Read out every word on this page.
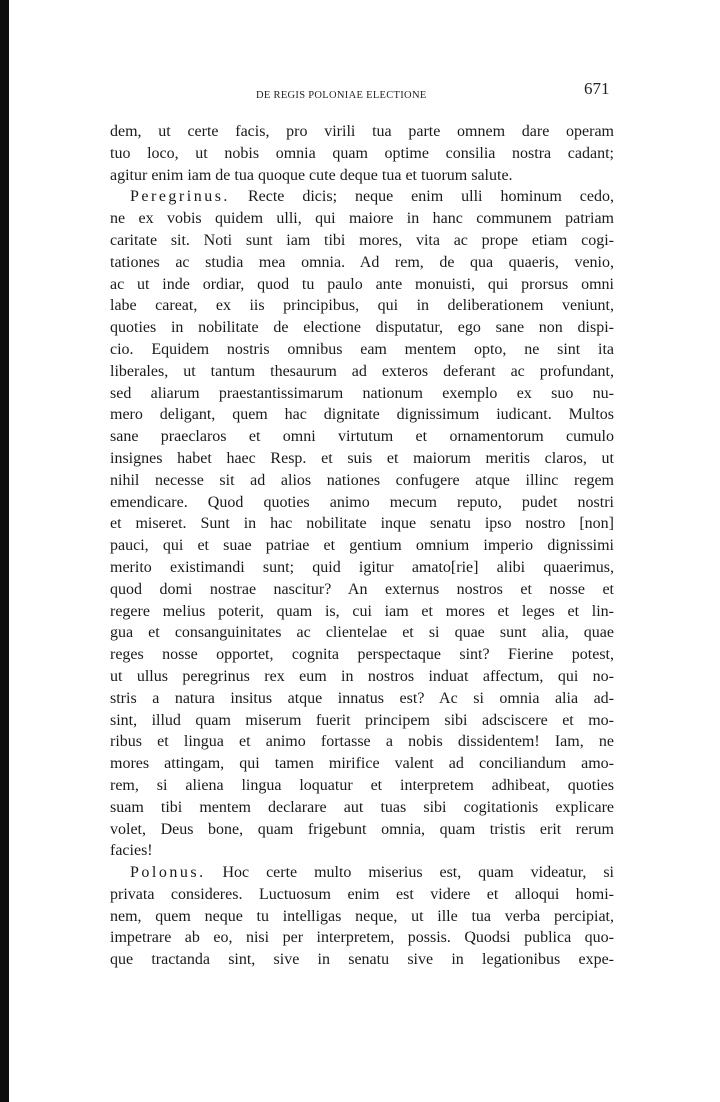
DE REGIS POLONIAE ELECTIONE	671
dem, ut certe facis, pro virili tua parte omnem dare operam
tuo loco, ut nobis omnia quam optime consilia nostra cadant;
agitur enim iam de tua quoque cute deque tua et tuorum salute.
Peregrinus. Recte dicis; neque enim ulli hominum cedo,
ne ex vobis quidem ulli, qui maiore in hanc communem patriam
caritate sit. Noti sunt iam tibi mores, vita ac prope etiam cogi-
tationes ac studia mea omnia. Ad rem, de qua quaeris, venio,
ac ut inde ordiar, quod tu paulo ante monuisti, qui prorsus omni
labe careat, ex iis principibus, qui in deliberationem veniunt,
quoties in nobilitate de electione disputatur, ego sane non dispi-
cio. Equidem nostris omnibus eam mentem opto, ne sint ita
liberales, ut tantum thesaurum ad exteros deferant ac profundant,
sed aliarum praestantissimarum nationum exemplo ex suo nu-
mero deligant, quem hac dignitate dignissimum iudicant. Multos
sane praeclaros et omni virtutum et ornamentorum cumulo
insignes habet haec Resp. et suis et maiorum meritis claros, ut
nihil necesse sit ad alios nationes confugere atque illinc regem
emendicare. Quod quoties animo mecum reputo, pudet nostri
et miseret. Sunt in hac nobilitate inque senatu ipso nostro [non]
pauci, qui et suae patriae et gentium omnium imperio dignissimi
merito existimandi sunt; quid igitur amato[rie] alibi quaerimus,
quod domi nostrae nascitur? An externus nostros et nosse et
regere melius poterit, quam is, cui iam et mores et leges et lin-
gua et consanguinitates ac clientelae et si quae sunt alia, quae
reges nosse opportet, cognita perspectaque sint? Fierine potest,
ut ullus peregrinus rex eum in nostros induat affectum, qui no-
stris a natura insitus atque innatus est? Ac si omnia alia ad-
sint, illud quam miserum fuerit principem sibi adsciscere et mo-
ribus et lingua et animo fortasse a nobis dissidentem! Iam, ne
mores attingam, qui tamen mirifice valent ad conciliandum amo-
rem, si aliena lingua loquatur et interpretem adhibeat, quoties
suam tibi mentem declarare aut tuas sibi cogitationis explicare
volet, Deus bone, quam frigebunt omnia, quam tristis erit rerum
facies!
Polonus. Hoc certe multo miserius est, quam videatur, si
privata consideres. Luctuosum enim est videre et alloqui homi-
nem, quem neque tu intelligas neque, ut ille tua verba percipiat,
impetrare ab eo, nisi per interpretem, possis. Quodsi publica quo-
que tractanda sint, sive in senatu sive in legationibus expe-
